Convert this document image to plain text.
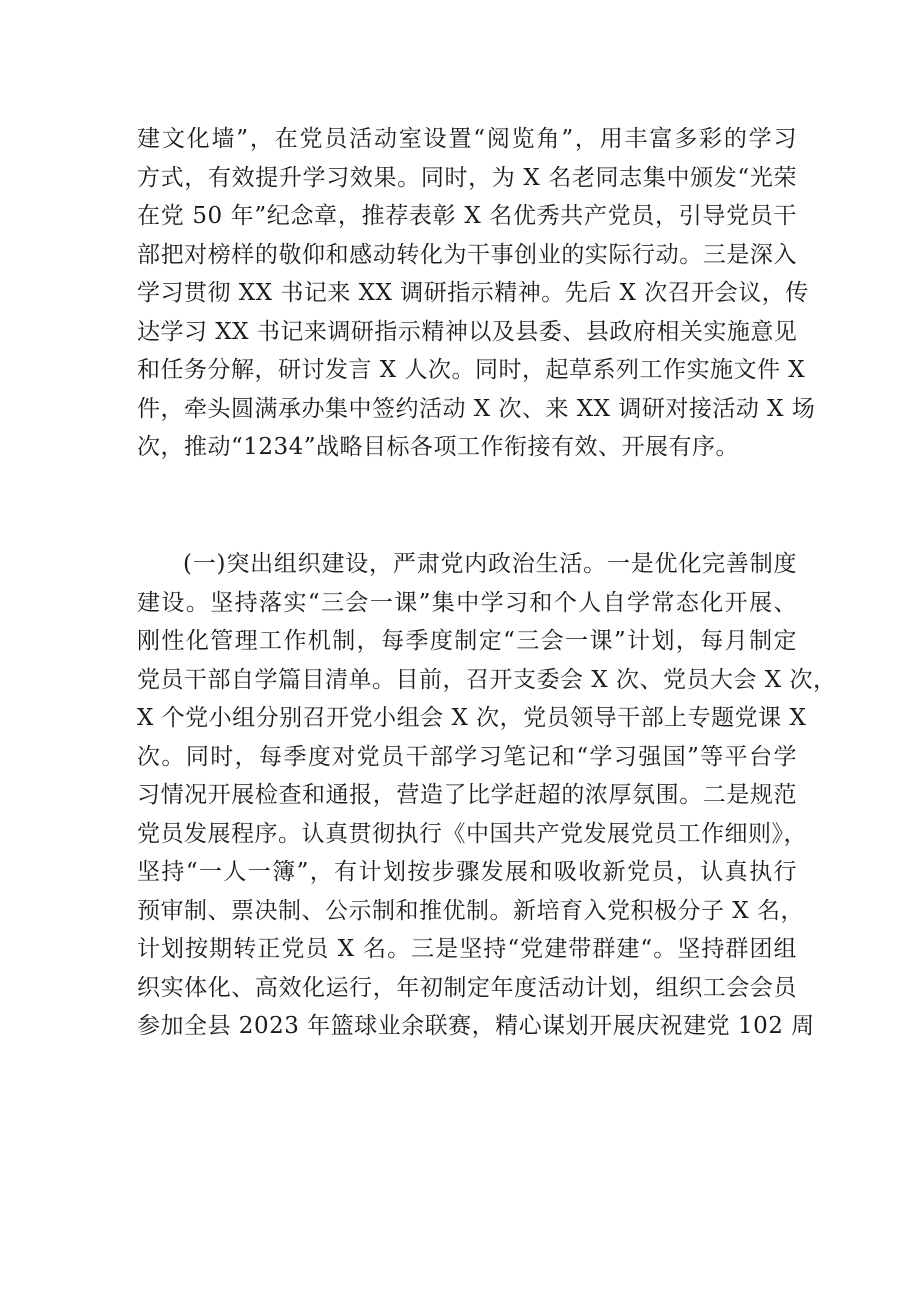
建文化墙”，在党员活动室设置“阅览角”，用丰富多彩的学习
方式，有效提升学习效果。同时，为 X 名老同志集中颁发“光荣
在党 50 年”纪念章，推荐表彰 X 名优秀共产党员，引导党员干
部把对榜样的敬仰和感动转化为干事创业的实际行动。三是深入
学习贯彻 XX 书记来 XX 调研指示精神。先后 X 次召开会议，传
达学习 XX 书记来调研指示精神以及县委、县政府相关实施意见
和任务分解，研讨发言 X 人次。同时，起草系列工作实施文件 X
件，牵头圆满承办集中签约活动 X 次、来 XX 调研对接活动 X 场
次，推动“1234”战略目标各项工作衔接有效、开展有序。
(一)突出组织建设，严肃党内政治生活。一是优化完善制度
建设。坚持落实“三会一课”集中学习和个人自学常态化开展、
刚性化管理工作机制，每季度制定“三会一课”计划，每月制定
党员干部自学篇目清单。目前，召开支委会 X 次、党员大会 X 次，
X 个党小组分别召开党小组会 X 次，党员领导干部上专题党课 X
次。同时，每季度对党员干部学习笔记和“学习强国”等平台学
习情况开展检查和通报，营造了比学赶超的浓厚氛围。二是规范
党员发展程序。认真贯彻执行《中国共产党发展党员工作细则》，
坚持“一人一簿”，有计划按步骤发展和吸收新党员，认真执行
预审制、票决制、公示制和推优制。新培育入党积极分子 X 名，
计划按期转正党员 X 名。三是坚持“党建带群建“。坚持群团组
织实体化、高效化运行，年初制定年度活动计划，组织工会会员
参加全县 2023 年篮球业余联赛，精心谋划开展庆祝建党 102 周
